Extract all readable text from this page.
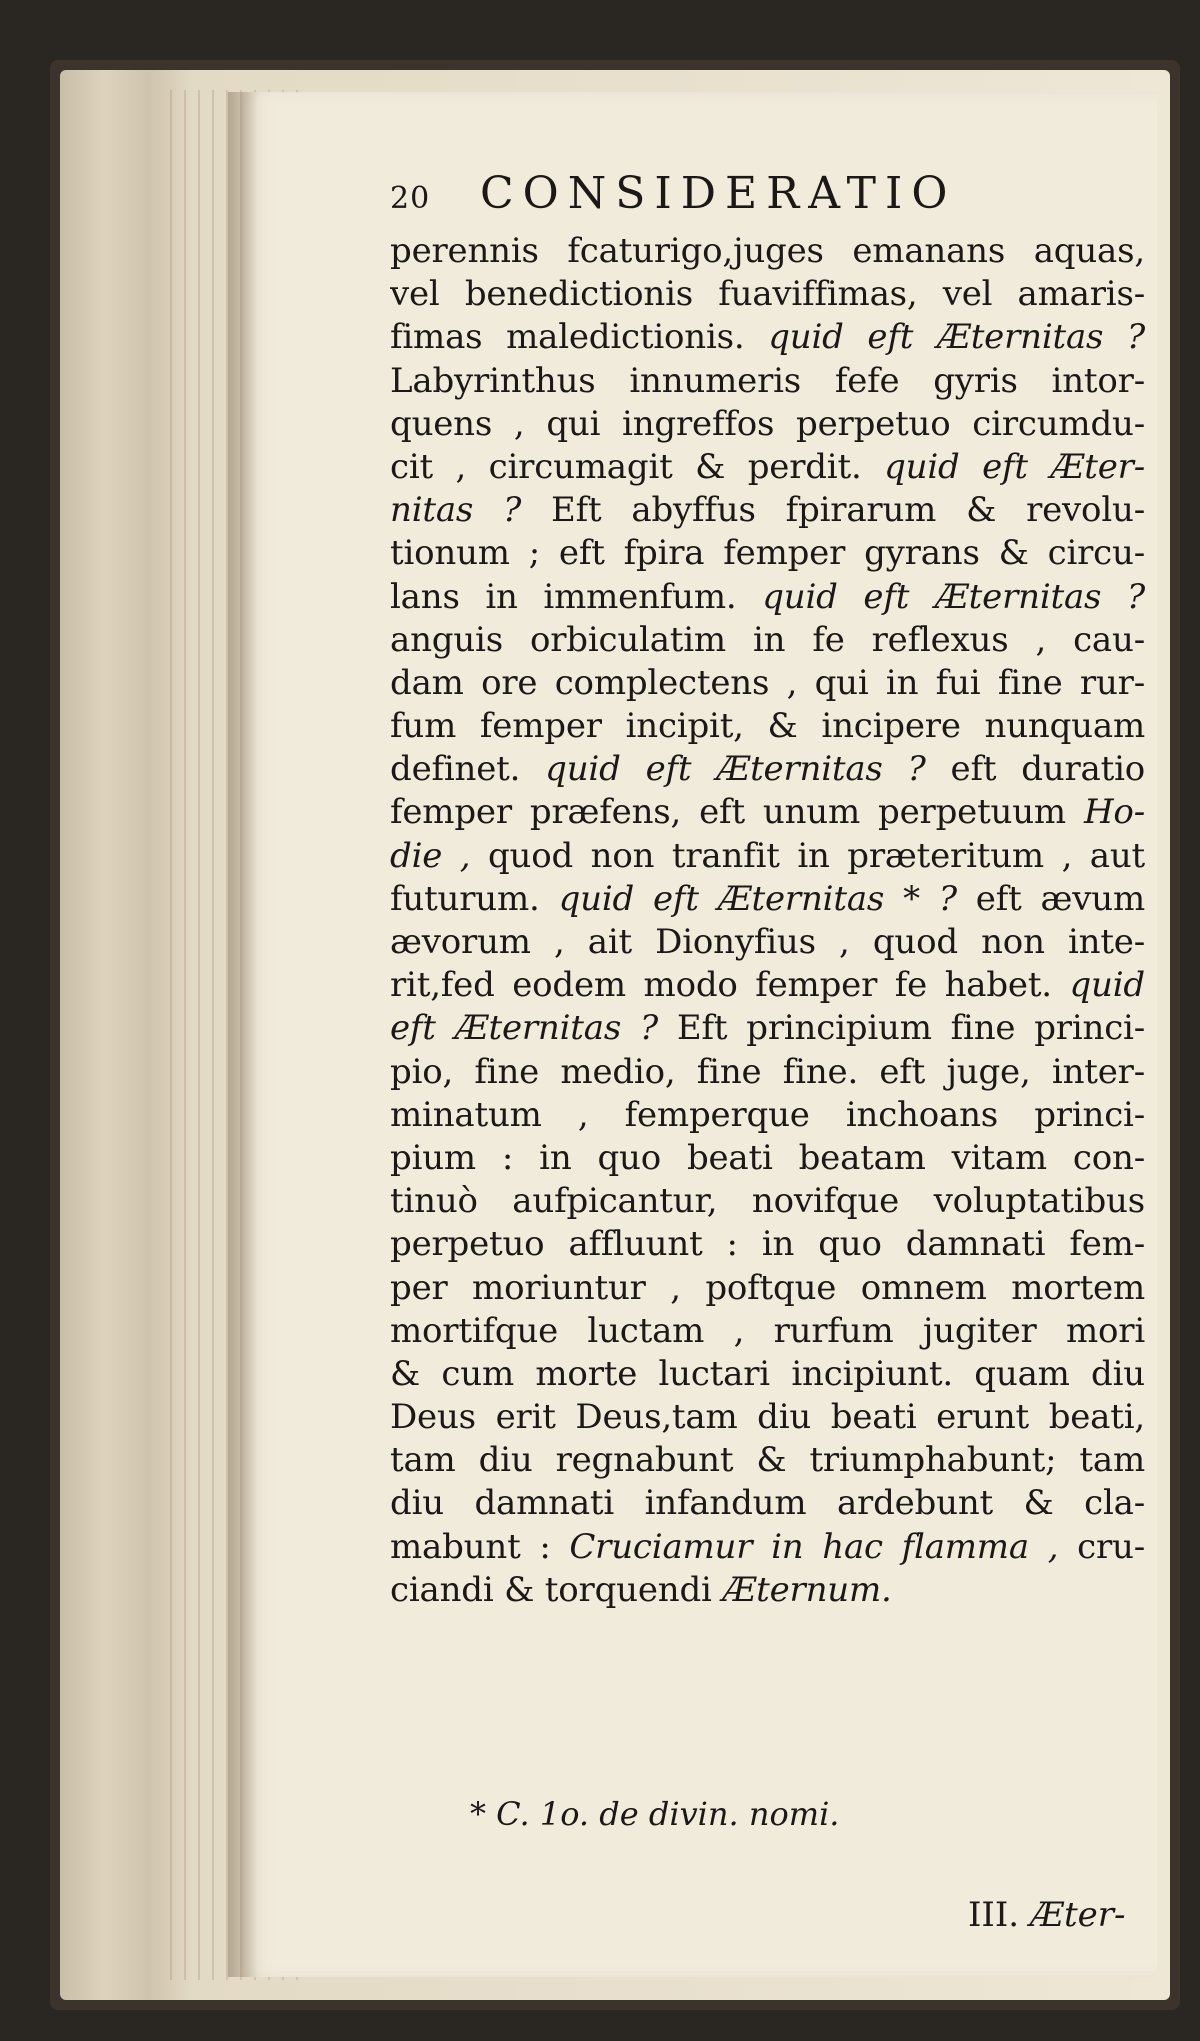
20	CONSIDERATIO
perennis fcaturigo,juges emanans aquas,
vel benedictionis fuaviffimas, vel amaris-
fimas maledictionis. quid eft Æternitas ?
Labyrinthus innumeris fefe gyris intor-
quens , qui ingreffos perpetuo circumdu-
cit , circumagit & perdit. quid eft Æter-
nitas ? Eft abyffus fpirarum & revolu-
tionum ; eft fpira femper gyrans & circu-
lans in immenfum. quid eft Æternitas ?
anguis orbiculatim in fe reflexus , cau-
dam ore complectens , qui in fui fine rur-
fum femper incipit, & incipere nunquam
definet. quid eft Æternitas ? eft duratio
femper præfens, eft unum perpetuum Ho-
die , quod non tranfit in præteritum , aut
futurum. quid eft Æternitas * ? eft ævum
ævorum , ait Dionyfius , quod non inte-
rit,fed eodem modo femper fe habet. quid
eft Æternitas ? Eft principium fine princi-
pio, fine medio, fine fine. eft juge, inter-
minatum , femperque inchoans princi-
pium : in quo beati beatam vitam con-
tinuò aufpicantur, novifque voluptatibus
perpetuo affluunt : in quo damnati fem-
per moriuntur , poftque omnem mortem
mortifque luctam , rurfum jugiter mori
& cum morte luctari incipiunt. quam diu
Deus erit Deus,tam diu beati erunt beati,
tam diu regnabunt & triumphabunt; tam
diu damnati infandum ardebunt & cla-
mabunt : Cruciamur in hac flamma , cru-
ciandi & torquendi Æternum.
* C. 1o. de divin. nomi.
III. Æter-
